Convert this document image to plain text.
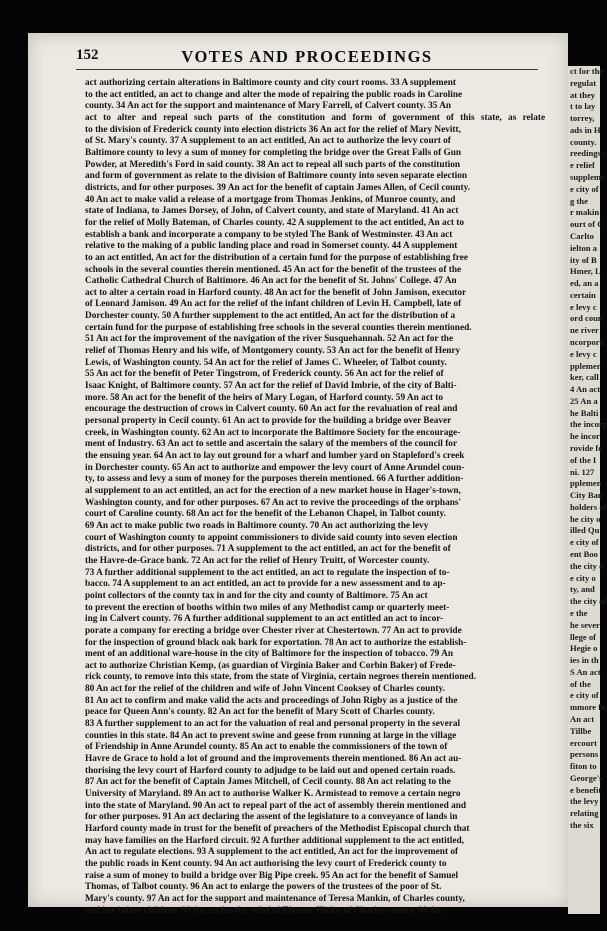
152	VOTES AND PROCEEDINGS
act authorizing certain alterations in Baltimore county and city court rooms. 33 A supplement
to the act entitled, an act to change and alter the mode of repairing the public roads in Caroline
county. 34 An act for the support and maintenance of Mary Farrell, of Calvert county. 35 An
act to alter and repeal such parts of the constitution and form of government of this state, as relate
to the division of Frederick county into election districts 36 An act for the relief of Mary Nevitt,
of St. Mary's county. 37 A supplement to an act entitled, An act to authorize the levy court of
Baltimore county to levy a sum of money for completing the bridge over the Great Falls of Gun
Powder, at Meredith's Ford in said county. 38 An act to repeal all such parts of the constitution
and form of government as relate to the division of Baltimore county into seven separate election
districts, and for other purposes. 39 An act for the benefit of captain James Allen, of Cecil county.
40 An act to make valid a release of a mortgage from Thomas Jenkins, of Munroe county, and
state of Indiana, to James Dorsey, of John, of Calvert county, and state of Maryland. 41 An act
for the relief of Molly Bateman, of Charles county. 42 A supplement to the act entitled, An act to
establish a bank and incorporate a company to be styled The Bank of Westminster. 43 An act
relative to the making of a public landing place and road in Somerset county. 44 A supplement
to an act entitled, An act for the distribution of a certain fund for the purpose of establishing free
schools in the several counties therein mentioned. 45 An act for the benefit of the trustees of the
Catholic Cathedral Church of Baltimore. 46 An act for the benefit of St. Johns' College. 47 An
act to alter a certain road in Harford county. 48 An act for the benefit of John Jamison, executor
of Leonard Jamison. 49 An act for the relief of the infant children of Levin H. Campbell, late of
Dorchester county. 50 A further supplement to the act entitled, An act for the distribution of a
certain fund for the purpose of establishing free schools in the several counties therein mentioned.
51 An act for the improvement of the navigation of the river Susquehannah. 52 An act for the
relief of Thomas Henry and his wife, of Montgomery county. 53 An act for the benefit of Henry
Lewis, of Washington county. 54 An act for the relief of James C. Wheeler, of Talbot county.
55 An act for the benefit of Peter Tingstrom, of Frederick county. 56 An act for the relief of
Isaac Knight, of Baltimore county. 57 An act for the relief of David Imbrie, of the city of Balti-
more. 58 An act for the benefit of the heirs of Mary Logan, of Harford county. 59 An act to
encourage the destruction of crows in Calvert county. 60 An act for the revaluation of real and
personal property in Cecil county. 61 An act to provide for the building a bridge over Beaver
creek, in Washington county. 62 An act to incorporate the Baltimore Society for the encourage-
ment of Industry. 63 An act to settle and ascertain the salary of the members of the council for
the ensuing year. 64 An act to lay out ground for a wharf and lumber yard on Stapleford's creek
in Dorchester county. 65 An act to authorize and empower the levy court of Anne Arundel coun-
ty, to assess and levy a sum of money for the purposes therein mentioned. 66 A further addition-
al supplement to an act entitled, an act for the erection of a new market house in Hager's-town,
Washington county, and for other purposes. 67 An act to revive the proceedings of the orphans'
court of Caroline county. 68 An act for the benefit of the Lebanon Chapel, in Talbot county.
69 An act to make public two roads in Baltimore county. 70 An act authorizing the levy
court of Washington county to appoint commissioners to divide said county into seven election
districts, and for other purposes. 71 A supplement to the act entitled, an act for the benefit of
the Havre-de-Grace bank. 72 An act for the relief of Henry Truitt, of Worcester county.
73 A further additional supplement to the act entitled, an act to regulate the inspection of to-
bacco. 74 A supplement to an act entitled, an act to provide for a new assessment and to ap-
point collectors of the county tax in and for the city and county of Baltimore. 75 An act
to prevent the erection of booths within two miles of any Methodist camp or quarterly meet-
ing in Calvert county. 76 A further additional supplement to an act entitled an act to incor-
porate a company for erecting a bridge over Chester river at Chestertown. 77 An act to provide
for the inspection of ground black oak bark for exportation. 78 An act to authorize the establish-
ment of an additional ware-house in the city of Baltimore for the inspection of tobacco. 79 An
act to authorize Christian Kemp, (as guardian of Virginia Baker and Corbin Baker) of Frede-
rick county, to remove into this state, from the state of Virginia, certain negroes therein mentioned.
80 An act for the relief of the children and wife of John Vincent Cooksey of Charles county.
81 An act to confirm and make valid the acts and proceedings of John Rigby as a justice of the
peace for Queen Ann's county. 82 An act for the benefit of Mary Scott of Charles county.
83 A further supplement to an act for the valuation of real and personal property in the several
counties in this state. 84 An act to prevent swine and geese from running at large in the village
of Friendship in Anne Arundel county. 85 An act to enable the commissioners of the town of
Havre de Grace to hold a lot of ground and the improvements therein mentioned. 86 An act au-
thorising the levy court of Harford county to adjudge to be laid out and opened certain roads.
87 An act for the benefit of Captain James Mitchell, of Cecil county. 88 An act relating to the
University of Maryland. 89 An act to authorise Walker K. Armistead to remove a certain negro
into the state of Maryland. 90 An act to repeal part of the act of assembly therein mentioned and
for other purposes. 91 An act declaring the assent of the legislature to a conveyance of lands in
Harford county made in trust for the benefit of preachers of the Methodist Episcopal church that
may have families on the Harford circuit. 92 A further additional supplement to the act entitled,
An act to regulate elections. 93 A supplement to the act entitled, An act for the improvement of
the public roads in Kent county. 94 An act authorising the levy court of Frederick county to
raise a sum of money to build a bridge over Big Pipe creek. 95 An act for the benefit of Samuel
Thomas, of Talbot county. 96 An act to enlarge the powers of the trustees of the poor of St.
Mary's county. 97 An act for the support and maintenance of Teresa Mankin, of Charles county,
and her infant children. 98 An act for the relief of Eleanor Hicks, of Charles county. 99 An
ct for the
regulat
at they
t to lay
torrey,
ads in H
county.
reedings c
e relief
suppleme
e city of
g the
r makin
ourt of C
Carlto
ielton a
ity of B
Hmer, L
ed, an a
certain
e levy c
ord coun
ne river
ncorpora
e levy c
pplemer
ker, call
4 An act
25 An a
he Balti
the incorp
he incor
rovide fo
of the I
ni. 127
pplemen
City Ban
holders of
he city o
illed Qu
e city of
ent Boo
the city o
e city o
ty, and
the city of
e the
he sever
llege of
Hegie o
ies in th
S An act
of the
e city of
mmore fo
An act
Tillbe
ercourt
persons
fiton to
George's
e benefit
the levy
relating
the six
